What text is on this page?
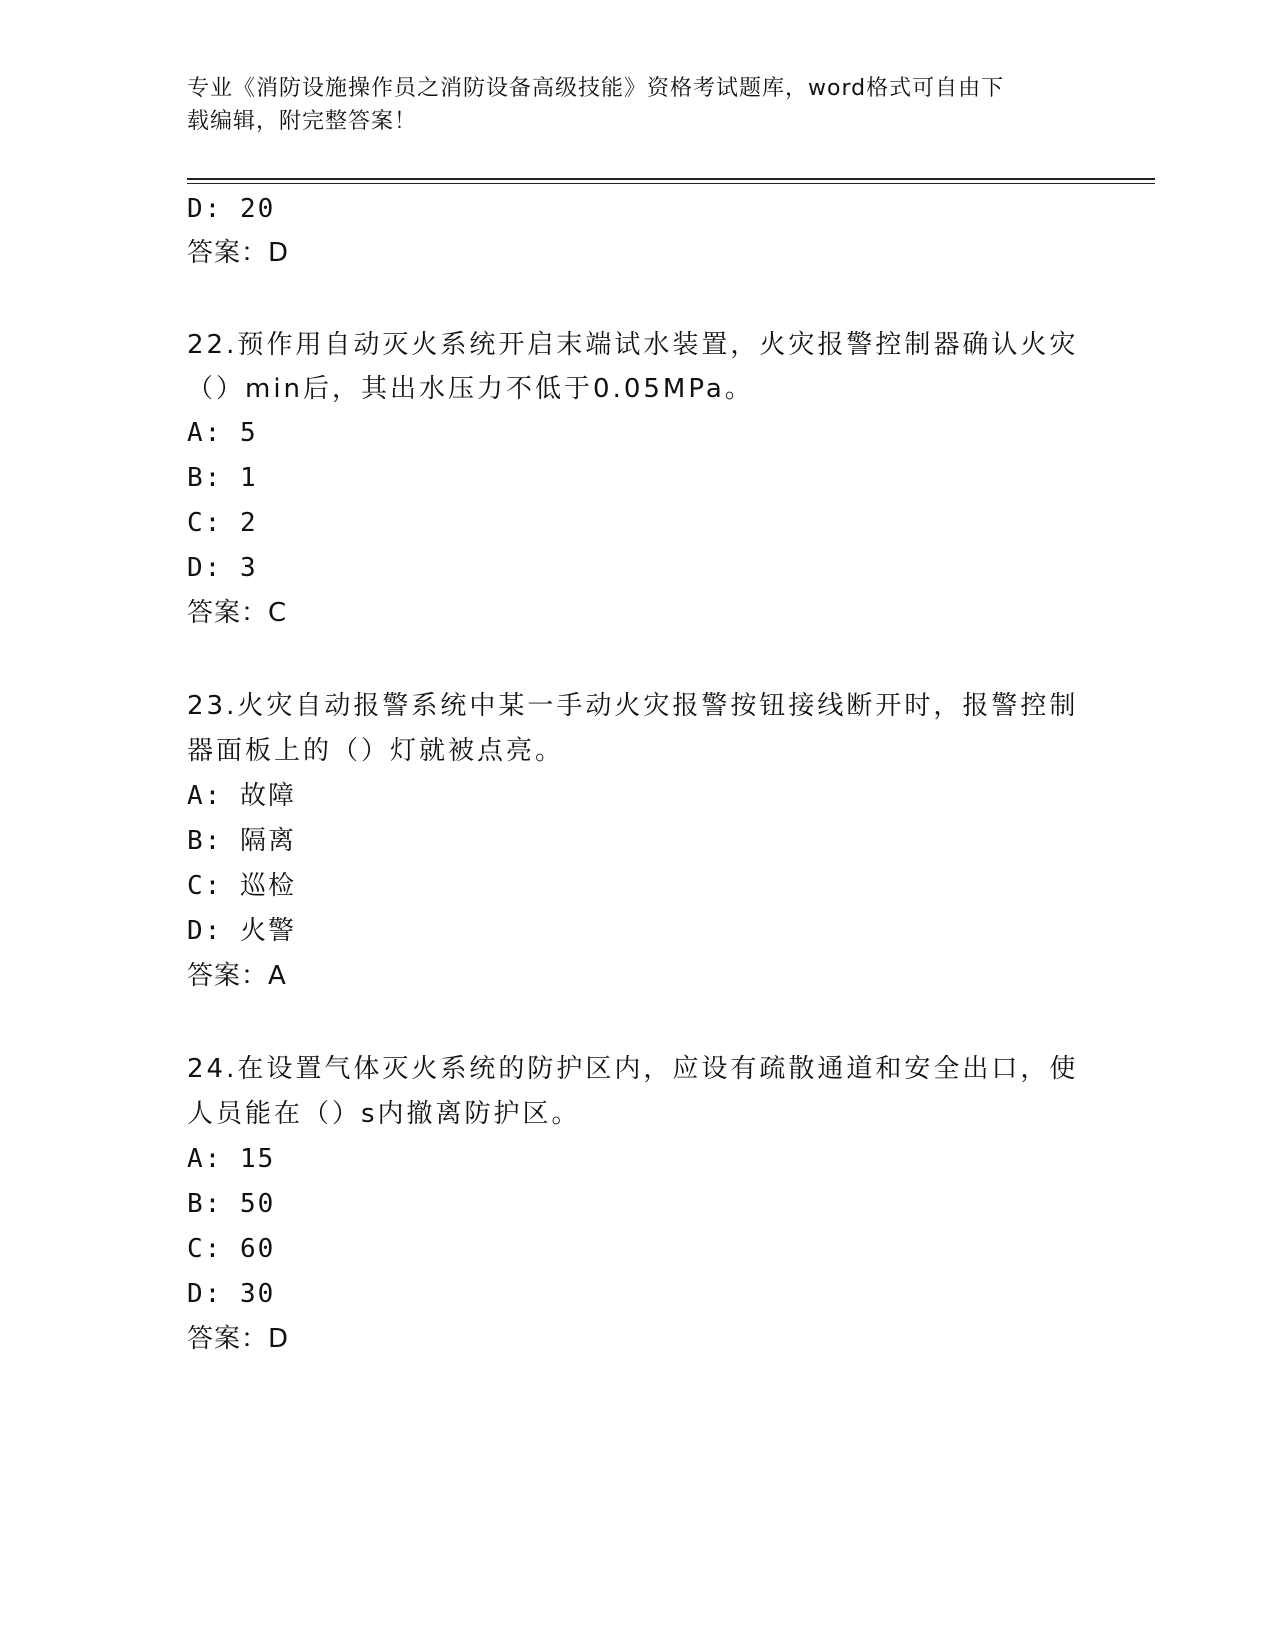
专业《消防设施操作员之消防设备高级技能》资格考试题库，word格式可自由下
载编辑，附完整答案！
D: 20
答案：D
22.预作用自动灭火系统开启末端试水装置，火灾报警控制器确认火灾
（）min后，其出水压力不低于0.05MPa。
A: 5
B: 1
C: 2
D: 3
答案：C
23.火灾自动报警系统中某一手动火灾报警按钮接线断开时，报警控制
器面板上的（）灯就被点亮。
A: 故障
B: 隔离
C: 巡检
D: 火警
答案：A
24.在设置气体灭火系统的防护区内，应设有疏散通道和安全出口，使
人员能在（）s内撤离防护区。
A: 15
B: 50
C: 60
D: 30
答案：D
